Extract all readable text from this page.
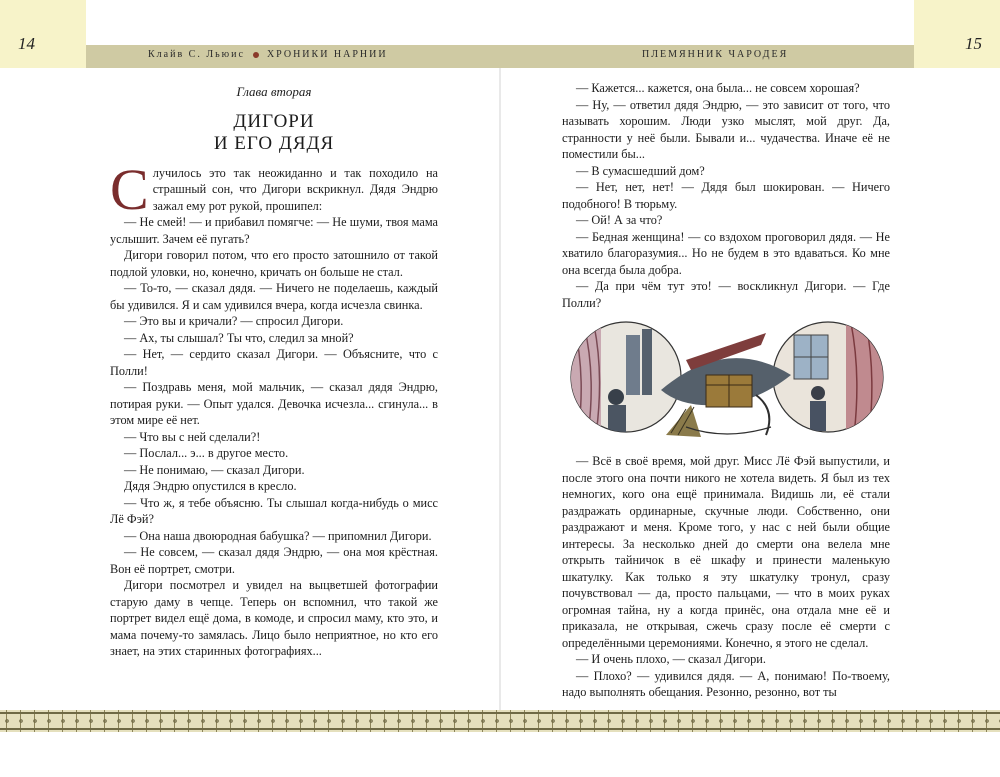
14	15
Клайв С. Льюис ХРОНИКИ НАРНИИ	ПЛЕМЯННИК ЧАРОДЕЯ
Глава вторая
ДИГОРИ
И ЕГО ДЯДЯ

Случилось это так неожиданно и так походило на страшный сон, что Дигори вскрикнул. Дядя Эндрю зажал ему рот рукой, прошипел:

— Не смей! — и прибавил помягче: — Не шуми, твоя мама услышит. Зачем её пугать?

Дигори говорил потом, что его просто затошнило от такой подлой уловки, но, конечно, кричать он больше не стал.

— То-то, — сказал дядя. — Ничего не поделаешь, каждый бы удивился. Я и сам удивился вчера, когда исчезла свинка.

— Это вы и кричали? — спросил Дигори.

— Ах, ты слышал? Ты что, следил за мной?

— Нет, — сердито сказал Дигори. — Объясните, что с Полли!

— Поздравь меня, мой мальчик, — сказал дядя Эндрю, потирая руки. — Опыт удался. Девочка исчезла... сгинула... в этом мире её нет.

— Что вы с ней сделали?!

— Послал... э... в другое место.

— Не понимаю, — сказал Дигори.

Дядя Эндрю опустился в кресло.

— Что ж, я тебе объясню. Ты слышал когда-нибудь о мисс Лё Фэй?

— Она наша двоюродная бабушка? — припомнил Дигори.

— Не совсем, — сказал дядя Эндрю, — она моя крёстная. Вон её портрет, смотри.

Дигори посмотрел и увидел на выцветшей фотографии старую даму в чепце. Теперь он вспомнил, что такой же портрет видел ещё дома, в комоде, и спросил маму, кто это, и мама почему-то замялась. Лицо было неприятное, но кто его знает, на этих старинных фотографиях...

— Кажется... кажется, она была... не совсем хорошая?

— Ну, — ответил дядя Эндрю, — это зависит от того, что называть хорошим. Люди узко мыслят, мой друг. Да, странности у неё были. Бывали и... чудачества. Иначе её не поместили бы...

— В сумасшедший дом?

— Нет, нет, нет! — Дядя был шокирован. — Ничего подобного! В тюрьму.

— Ой! А за что?

— Бедная женщина! — со вздохом проговорил дядя. — Не хватило благоразумия... Но не будем в это вдаваться. Ко мне она всегда была добра.

— Да при чём тут это! — воскликнул Дигори. — Где Полли?

— Всё в своё время, мой друг. Мисс Лё Фэй выпустили, и после этого она почти никого не хотела видеть. Я был из тех немногих, кого она ещё принимала. Видишь ли, её стали раздражать ординарные, скучные люди. Собственно, они раздражают и меня. Кроме того, у нас с ней были общие интересы. За несколько дней до смерти она велела мне открыть тайничок в её шкафу и принести маленькую шкатулку. Как только я эту шкатулку тронул, сразу почувствовал — да, просто пальцами, — что в моих руках огромная тайна, ну а когда принёс, она отдала мне её и приказала, не открывая, сжечь сразу после её смерти с определёнными церемониями. Конечно, я этого не сделал.

— И очень плохо, — сказал Дигори.

— Плохо? — удивился дядя. — А, понимаю! По-твоему, надо выполнять обещания. Резонно, резонно, вот ты
